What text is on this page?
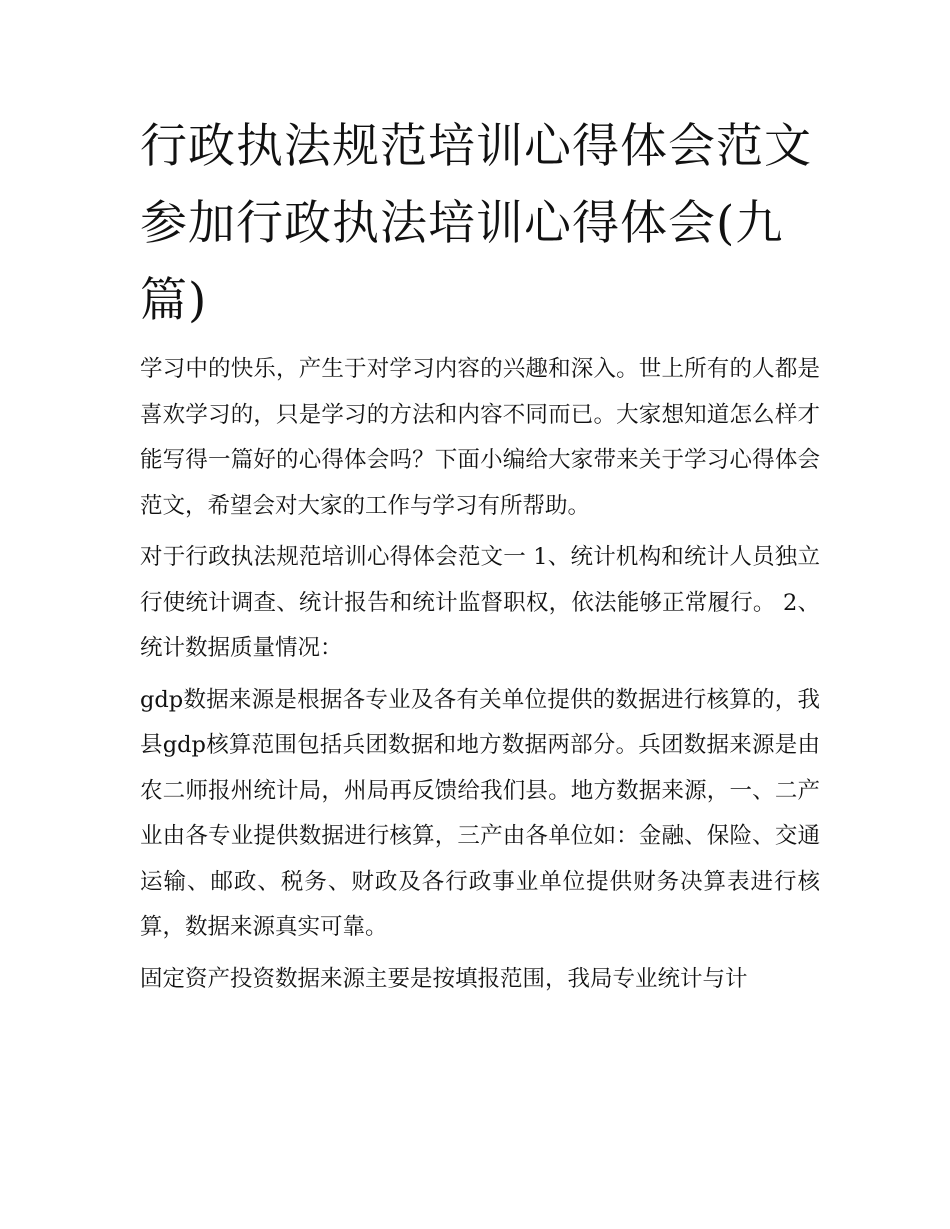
行政执法规范培训心得体会范文 参加行政执法培训心得体会(九篇)

学习中的快乐，产生于对学习内容的兴趣和深入。世上所有的人都是喜欢学习的，只是学习的方法和内容不同而已。大家想知道怎么样才能写得一篇好的心得体会吗？下面小编给大家带来关于学习心得体会范文，希望会对大家的工作与学习有所帮助。

对于行政执法规范培训心得体会范文一 1、统计机构和统计人员独立行使统计调查、统计报告和统计监督职权，依法能够正常履行。 2、统计数据质量情况：

gdp数据来源是根据各专业及各有关单位提供的数据进行核算的，我县gdp核算范围包括兵团数据和地方数据两部分。兵团数据来源是由农二师报州统计局，州局再反馈给我们县。地方数据来源，一、二产业由各专业提供数据进行核算，三产由各单位如：金融、保险、交通运输、邮政、税务、财政及各行政事业单位提供财务决算表进行核算，数据来源真实可靠。

固定资产投资数据来源主要是按填报范围，我局专业统计与计
